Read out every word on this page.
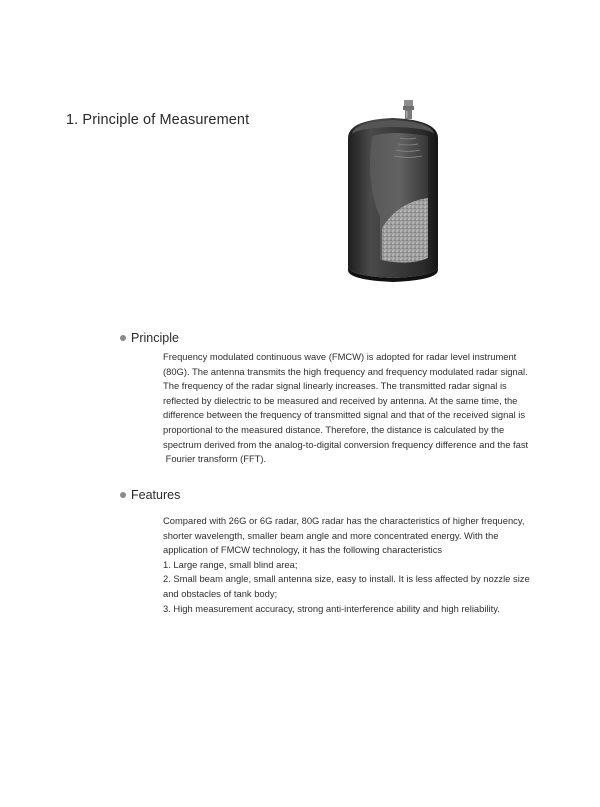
1. Principle of Measurement
Principle

Frequency modulated continuous wave (FMCW) is adopted for radar level instrument
(80G). The antenna transmits the high frequency and frequency modulated radar signal.
The frequency of the radar signal linearly increases. The transmitted radar signal is
reflected by dielectric to be measured and received by antenna. At the same time, the
difference between the frequency of transmitted signal and that of the received signal is
proportional to the measured distance. Therefore, the distance is calculated by the
spectrum derived from the analog-to-digital conversion frequency difference and the fast
Fourier transform (FFT).

Features

Compared with 26G or 6G radar, 80G radar has the characteristics of higher frequency,
shorter wavelength, smaller beam angle and more concentrated energy. With the
application of FMCW technology, it has the following characteristics
1. Large range, small blind area;
2. Small beam angle, small antenna size, easy to install. It is less affected by nozzle size
and obstacles of tank body;
3. High measurement accuracy, strong anti-interference ability and high reliability.
